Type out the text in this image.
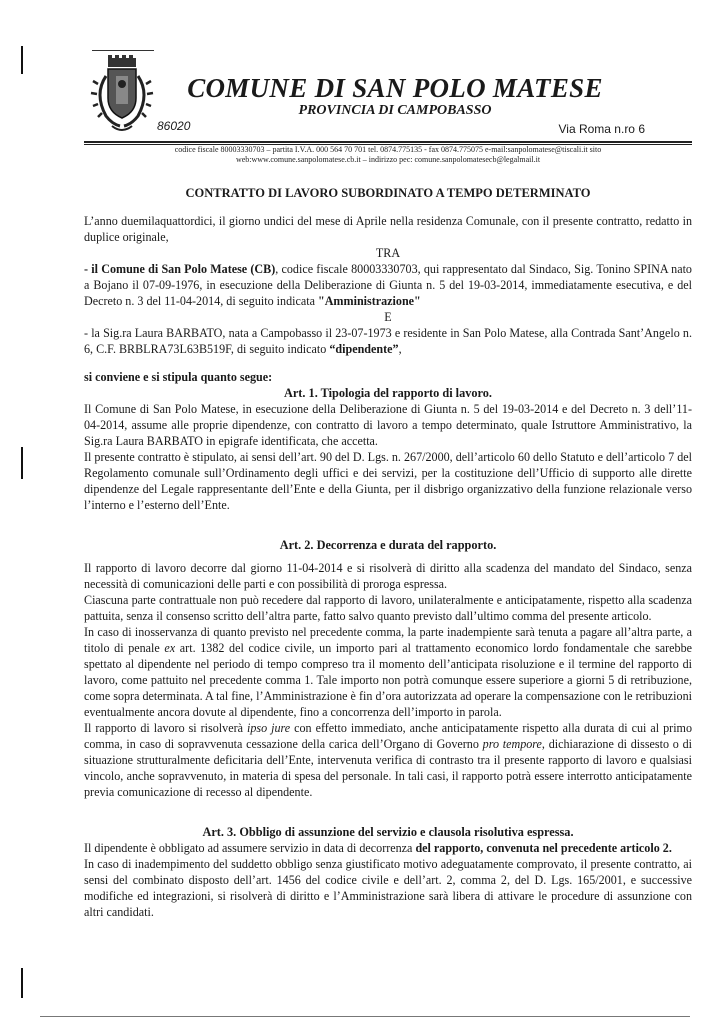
COMUNE DI SAN POLO MATESE
PROVINCIA DI CAMPOBASSO
86020	Via Roma n.ro 6
codice fiscale 80003330703 – partita I.V.A. 000 564 70 701 tel. 0874.775135 - fax 0874.775075 e-mail:sanpolomatese@tiscali.it sito
web:www.comune.sanpolomatese.cb.it – indirizzo pec: comune.sanpolomatesecb@legalmail.it
CONTRATTO DI LAVORO SUBORDINATO A TEMPO DETERMINATO

L’anno duemilaquattordici, il giorno undici del mese di Aprile nella residenza Comunale, con il presente contratto, redatto in duplice originale,

TRA

- il Comune di San Polo Matese (CB), codice fiscale 80003330703, qui rappresentato dal Sindaco, Sig. Tonino SPINA nato a Bojano il 07-09-1976, in esecuzione della Deliberazione di Giunta n. 5 del 19-03-2014, immediatamente esecutiva, e del Decreto n. 3 del 11-04-2014, di seguito indicata "Amministrazione"

E

- la Sig.ra Laura BARBATO, nata a Campobasso il 23-07-1973 e residente in San Polo Matese, alla Contrada Sant’Angelo n. 6, C.F. BRBLRA73L63B519F, di seguito indicato “dipendente”,

si conviene e si stipula quanto segue:

Art. 1. Tipologia del rapporto di lavoro.

Il Comune di San Polo Matese, in esecuzione della Deliberazione di Giunta n. 5 del 19-03-2014 e del Decreto n. 3 dell’11-04-2014, assume alle proprie dipendenze, con contratto di lavoro a tempo determinato, quale Istruttore Amministrativo, la Sig.ra Laura BARBATO in epigrafe identificata, che accetta.

Il presente contratto è stipulato, ai sensi dell’art. 90 del D. Lgs. n. 267/2000, dell’articolo 60 dello Statuto e dell’articolo 7 del Regolamento comunale sull’Ordinamento degli uffici e dei servizi, per la costituzione dell’Ufficio di supporto alle dirette dipendenze del Legale rappresentante dell’Ente e della Giunta, per il disbrigo organizzativo della funzione relazionale verso l’interno e l’esterno dell’Ente.

Art. 2. Decorrenza e durata del rapporto.

Il rapporto di lavoro decorre dal giorno 11-04-2014 e si risolverà di diritto alla scadenza del mandato del Sindaco, senza necessità di comunicazioni delle parti e con possibilità di proroga espressa.

Ciascuna parte contrattuale non può recedere dal rapporto di lavoro, unilateralmente e anticipatamente, rispetto alla scadenza pattuita, senza il consenso scritto dell’altra parte, fatto salvo quanto previsto dall’ultimo comma del presente articolo.

In caso di inosservanza di quanto previsto nel precedente comma, la parte inadempiente sarà tenuta a pagare all’altra parte, a titolo di penale ex art. 1382 del codice civile, un importo pari al trattamento economico lordo fondamentale che sarebbe spettato al dipendente nel periodo di tempo compreso tra il momento dell’anticipata risoluzione e il termine del rapporto di lavoro, come pattuito nel precedente comma 1. Tale importo non potrà comunque essere superiore a giorni 5 di retribuzione, come sopra determinata. A tal fine, l’Amministrazione è fin d’ora autorizzata ad operare la compensazione con le retribuzioni eventualmente ancora dovute al dipendente, fino a concorrenza dell’importo in parola.

Il rapporto di lavoro si risolverà ipso jure con effetto immediato, anche anticipatamente rispetto alla durata di cui al primo comma, in caso di sopravvenuta cessazione della carica dell’Organo di Governo pro tempore, dichiarazione di dissesto o di situazione strutturalmente deficitaria dell’Ente, intervenuta verifica di contrasto tra il presente rapporto di lavoro e qualsiasi vincolo, anche sopravvenuto, in materia di spesa del personale. In tali casi, il rapporto potrà essere interrotto anticipatamente previa comunicazione di recesso al dipendente.

Art. 3. Obbligo di assunzione del servizio e clausola risolutiva espressa.

Il dipendente è obbligato ad assumere servizio in data di decorrenza del rapporto, convenuta nel precedente articolo 2.

In caso di inadempimento del suddetto obbligo senza giustificato motivo adeguatamente comprovato, il presente contratto, ai sensi del combinato disposto dell’art. 1456 del codice civile e dell’art. 2, comma 2, del D. Lgs. 165/2001, e successive modifiche ed integrazioni, si risolverà di diritto e l’Amministrazione sarà libera di attivare le procedure di assunzione con altri candidati.
